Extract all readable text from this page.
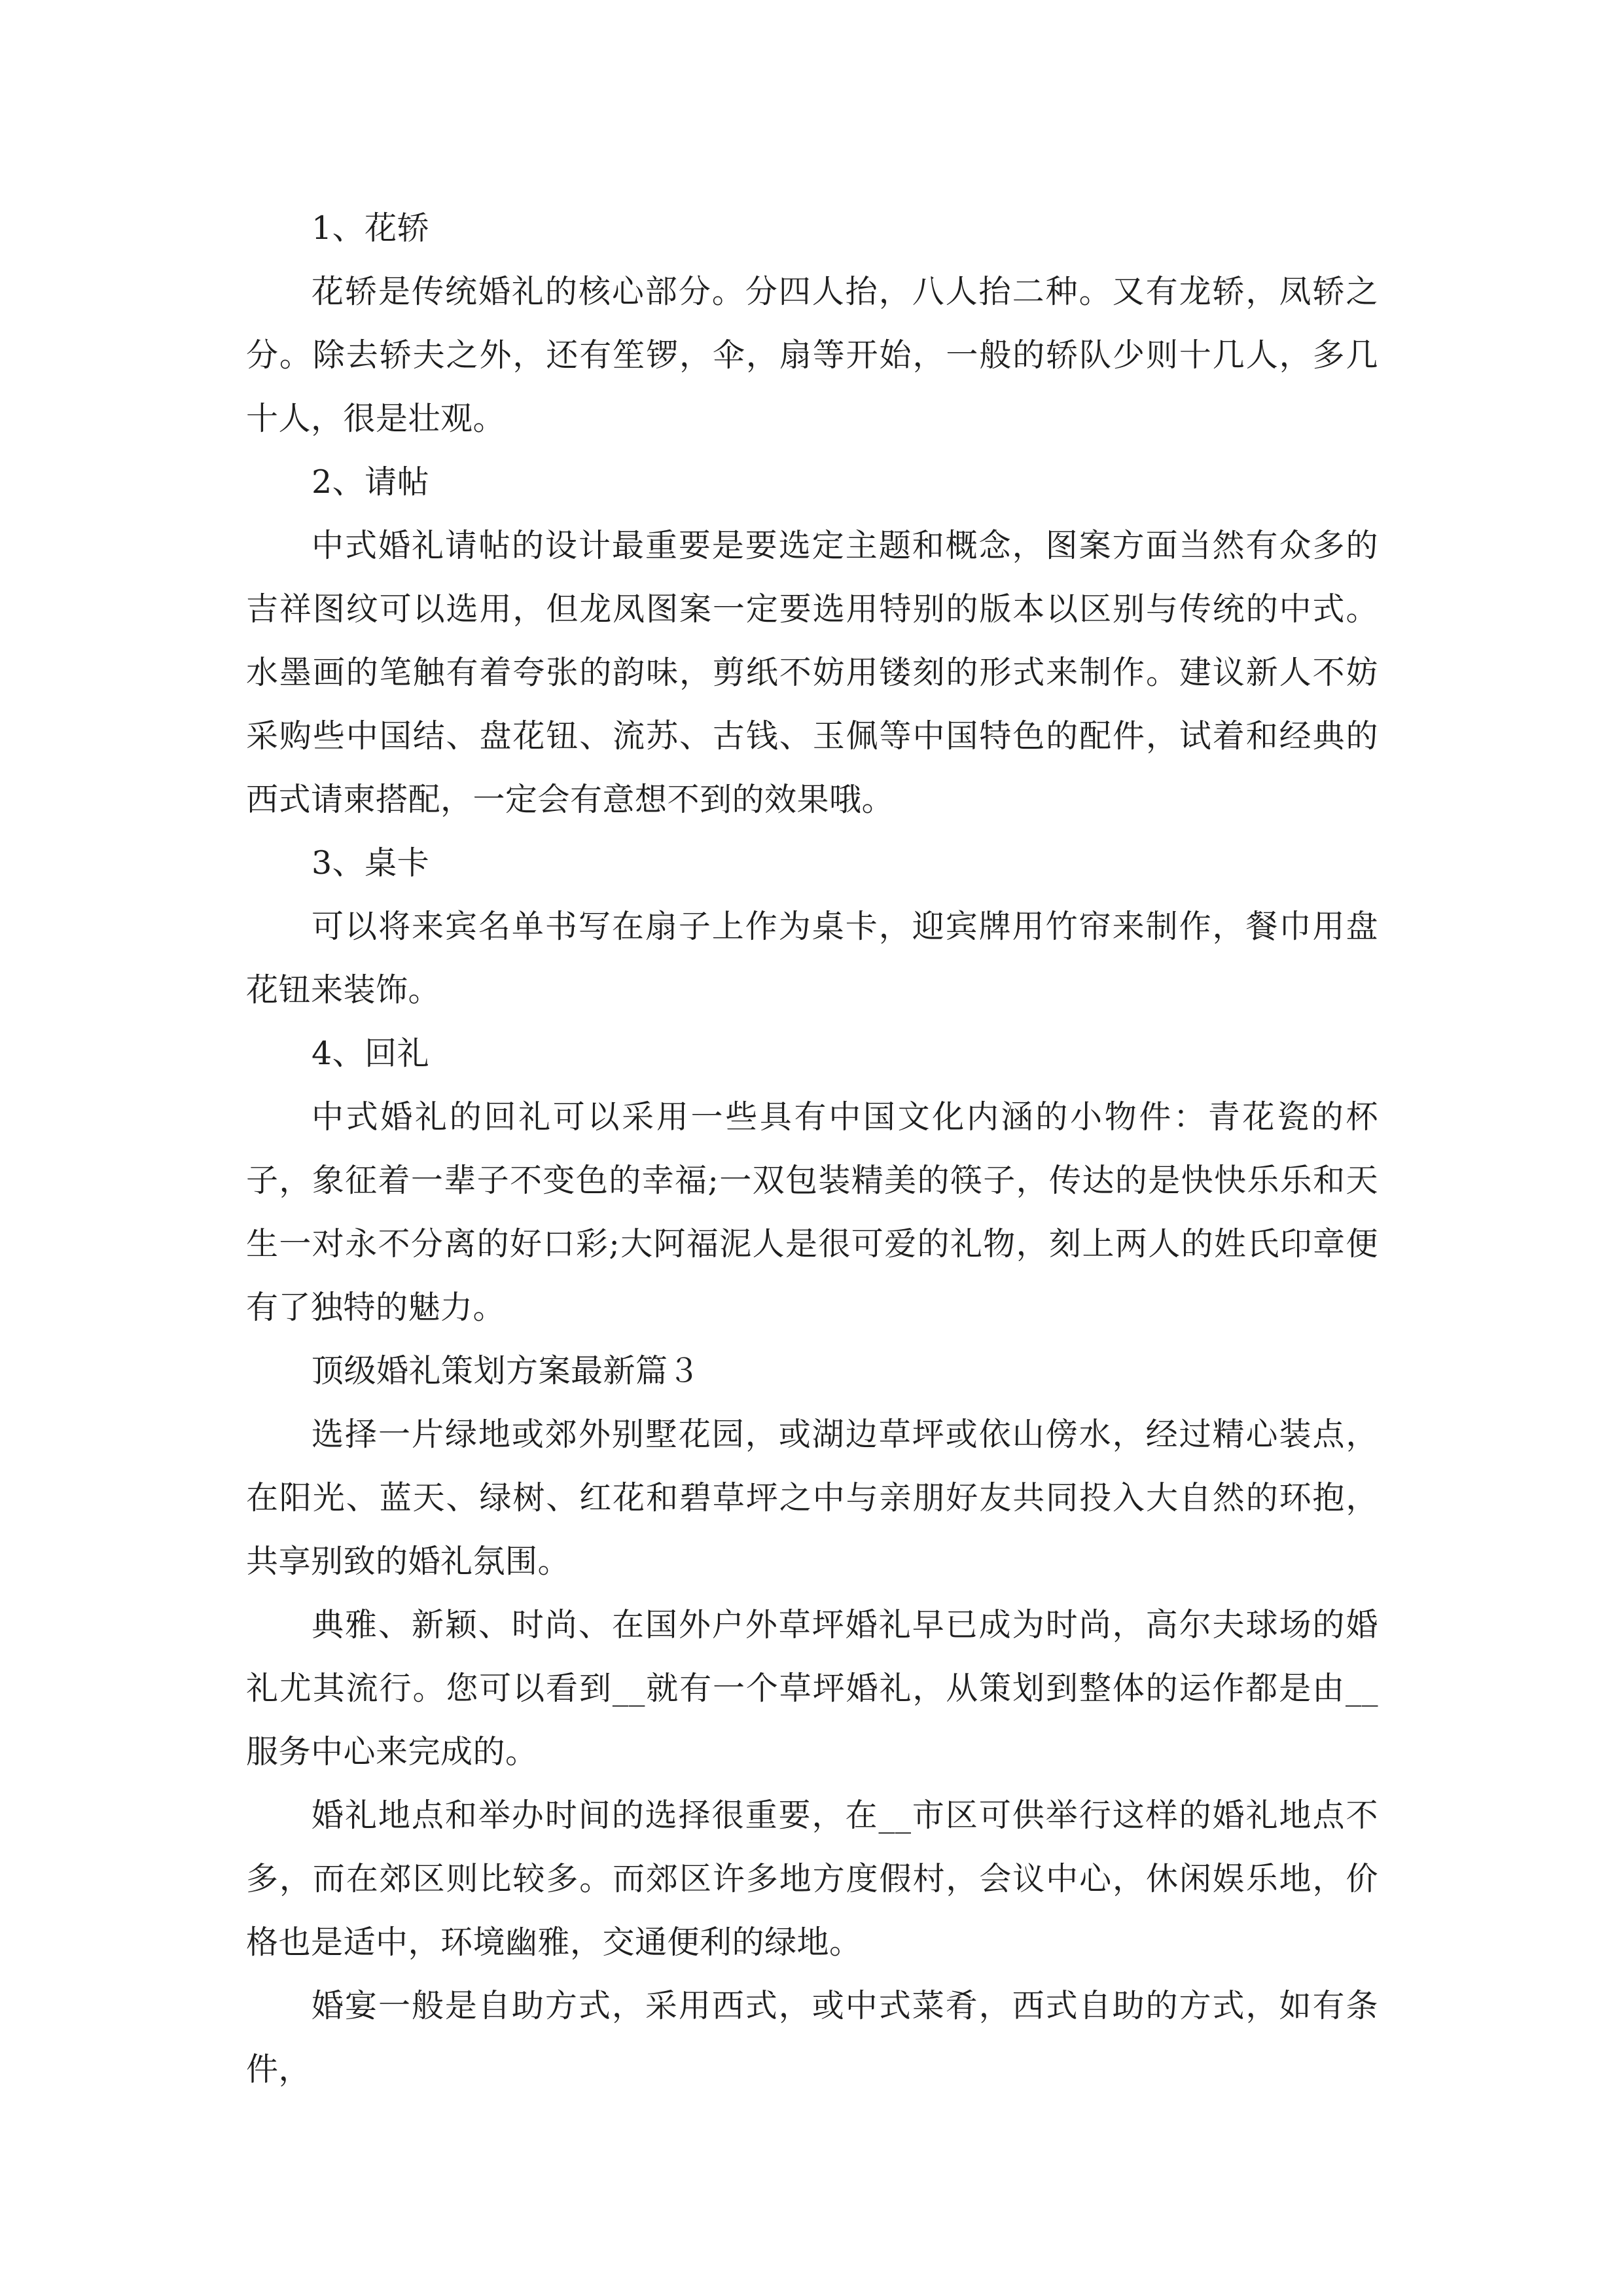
1、花轿

花轿是传统婚礼的核心部分。分四人抬，八人抬二种。又有龙轿，凤轿之分。除去轿夫之外，还有笙锣，伞，扇等开始，一般的轿队少则十几人，多几十人，很是壮观。

2、请帖

中式婚礼请帖的设计最重要是要选定主题和概念，图案方面当然有众多的吉祥图纹可以选用，但龙凤图案一定要选用特别的版本以区别与传统的中式。水墨画的笔触有着夸张的韵味，剪纸不妨用镂刻的形式来制作。建议新人不妨采购些中国结、盘花钮、流苏、古钱、玉佩等中国特色的配件，试着和经典的西式请柬搭配，一定会有意想不到的效果哦。

3、桌卡

可以将来宾名单书写在扇子上作为桌卡，迎宾牌用竹帘来制作，餐巾用盘花钮来装饰。

4、回礼

中式婚礼的回礼可以采用一些具有中国文化内涵的小物件：青花瓷的杯子，象征着一辈子不变色的幸福;一双包装精美的筷子，传达的是快快乐乐和天生一对永不分离的好口彩;大阿福泥人是很可爱的礼物，刻上两人的姓氏印章便有了独特的魅力。

顶级婚礼策划方案最新篇３

选择一片绿地或郊外别墅花园，或湖边草坪或依山傍水，经过精心装点，在阳光、蓝天、绿树、红花和碧草坪之中与亲朋好友共同投入大自然的环抱，共享别致的婚礼氛围。

典雅、新颖、时尚、在国外户外草坪婚礼早已成为时尚，高尔夫球场的婚礼尤其流行。您可以看到__就有一个草坪婚礼，从策划到整体的运作都是由__服务中心来完成的。

婚礼地点和举办时间的选择很重要，在__市区可供举行这样的婚礼地点不多，而在郊区则比较多。而郊区许多地方度假村，会议中心，休闲娱乐地，价格也是适中，环境幽雅，交通便利的绿地。

婚宴一般是自助方式，采用西式，或中式菜肴，西式自助的方式，如有条件，
